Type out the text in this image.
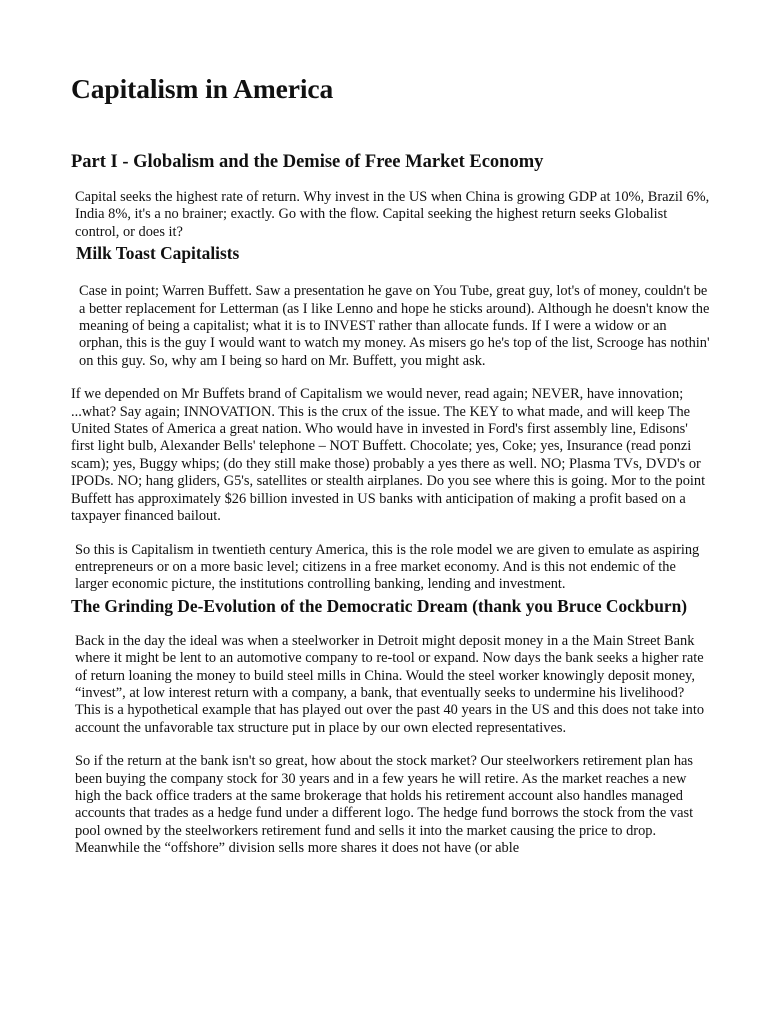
Capitalism in America
Part I - Globalism and the Demise of Free Market Economy

Capital seeks the highest rate of return. Why invest in the US when China is growing GDP at 10%, Brazil 6%, India 8%, it's a no brainer; exactly. Go with the flow. Capital seeking the highest return seeks Globalist control, or does it?

Milk Toast Capitalists

Case in point; Warren Buffett. Saw a presentation he gave on You Tube, great guy, lot's of money, couldn't be a better replacement for Letterman (as I like Lenno and hope he sticks around). Although he doesn't know the meaning of being a capitalist; what it is to INVEST rather than allocate funds. If I were a widow or an orphan, this is the guy I would want to watch my money. As misers go he's top of the list, Scrooge has nothin' on this guy. So, why am I being so hard on Mr. Buffett, you might ask.

If we depended on Mr Buffets brand of Capitalism we would never, read again; NEVER, have innovation; ...what? Say again; INNOVATION. This is the crux of the issue. The KEY to what made, and will keep The United States of America a great nation. Who would have in invested in Ford's first assembly line, Edisons' first light bulb, Alexander Bells' telephone – NOT Buffett. Chocolate; yes, Coke; yes, Insurance (read ponzi scam); yes, Buggy whips; (do they still make those) probably a yes there as well. NO; Plasma TVs, DVD's or IPODs. NO; hang gliders, G5's, satellites or stealth airplanes. Do you see where this is going. Mor to the point Buffett has approximately $26 billion invested in US banks with anticipation of making a profit based on a taxpayer financed bailout.

So this is Capitalism in twentieth century America, this is the role model we are given to emulate as aspiring entrepreneurs or on a more basic level; citizens in a free market economy. And is this not endemic of the larger economic picture, the institutions controlling banking, lending and investment.

The Grinding De-Evolution of the Democratic Dream (thank you Bruce Cockburn)

Back in the day the ideal was when a steelworker in Detroit might deposit money in a the Main Street Bank where it might be lent to an automotive company to re-tool or expand. Now days the bank seeks a higher rate of return loaning the money to build steel mills in China. Would the steel worker knowingly deposit money, “invest”, at low interest return with a company, a bank, that eventually seeks to undermine his livelihood? This is a hypothetical example that has played out over the past 40 years in the US and this does not take into account the unfavorable tax structure put in place by our own elected representatives.

So if the return at the bank isn't so great, how about the stock market? Our steelworkers retirement plan has been buying the company stock for 30 years and in a few years he will retire. As the market reaches a new high the back office traders at the same brokerage that holds his retirement account also handles managed accounts that trades as a hedge fund under a different logo. The hedge fund borrows the stock from the vast pool owned by the steelworkers retirement fund and sells it into the market causing the price to drop. Meanwhile the “offshore” division sells more shares it does not have (or able
